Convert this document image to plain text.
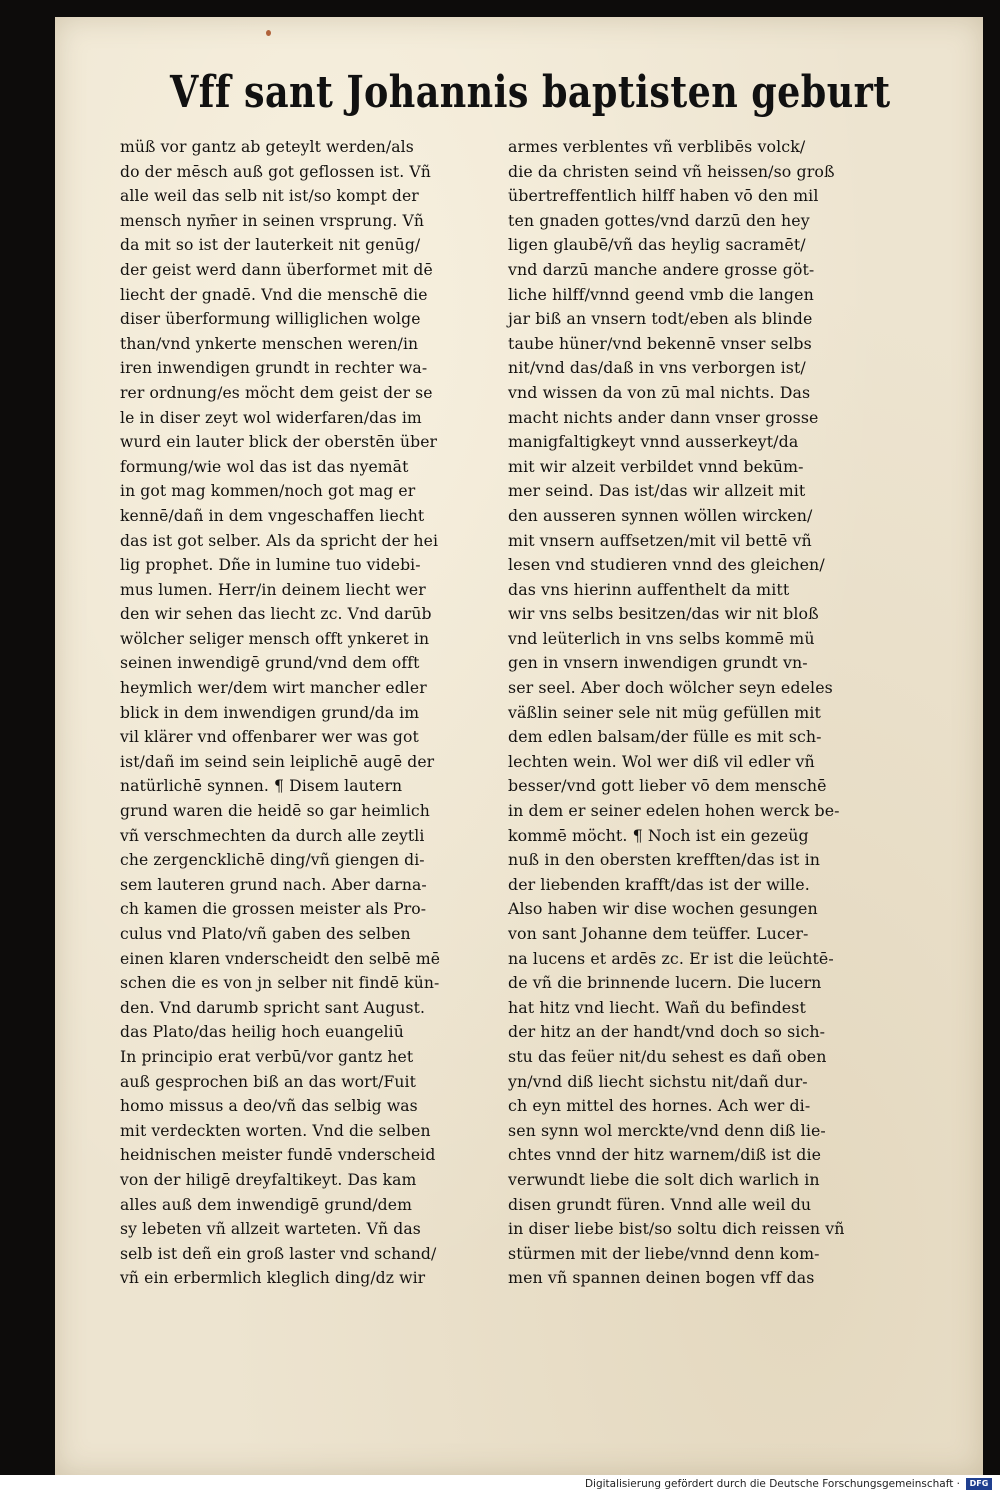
Vff sant Johannis baptisten geburt
müß vor gantz ab geteylt werden/als
do der mēsch auß got geflossen ist. Vñ
alle weil das selb nit ist/so kompt der
mensch nym̄er in seinen vrsprung. Vñ
da mit so ist der lauterkeit nit genūg/
der geist werd dann überformet mit dē
liecht der gnadē. Vnd die menschē die
diser überformung williglichen wolge
than/vnd ynkerte menschen weren/in
iren inwendigen grundt in rechter wa-
rer ordnung/es möcht dem geist der se
le in diser zeyt wol widerfaren/das im
wurd ein lauter blick der oberstēn über
formung/wie wol das ist das nyemāt
in got mag kommen/noch got mag er
kennē/dañ in dem vngeschaffen liecht
das ist got selber. Als da spricht der hei
lig prophet. Dñe in lumine tuo videbi-
mus lumen. Herr/in deinem liecht wer
den wir sehen das liecht zc. Vnd darūb
wölcher seliger mensch offt ynkeret in
seinen inwendigē grund/vnd dem offt
heymlich wer/dem wirt mancher edler
blick in dem inwendigen grund/da im
vil klärer vnd offenbarer wer was got
ist/dañ im seind sein leiplichē augē der
natürlichē synnen. ¶ Disem lautern
grund waren die heidē so gar heimlich
vñ verschmechten da durch alle zeytli
che zergencklichē ding/vñ giengen di-
sem lauteren grund nach. Aber darna-
ch kamen die grossen meister als Pro-
culus vnd Plato/vñ gaben des selben
einen klaren vnderscheidt den selbē mē
schen die es von jn selber nit findē kün-
den. Vnd darumb spricht sant August.
das Plato/das heilig hoch euangeliū
In principio erat verbū/vor gantz het
auß gesprochen biß an das wort/Fuit
homo missus a deo/vñ das selbig was
mit verdeckten worten. Vnd die selben
heidnischen meister fundē vnderscheid
von der hiligē dreyfaltikeyt. Das kam
alles auß dem inwendigē grund/dem
sy lebeten vñ allzeit warteten. Vñ das
selb ist deñ ein groß laster vnd schand/
vñ ein erbermlich kleglich ding/dz wir
armes verblentes vñ verblibēs volck/
die da christen seind vñ heissen/so groß
übertreffentlich hilff haben vō den mil
ten gnaden gottes/vnd darzū den hey
ligen glaubē/vñ das heylig sacramēt/
vnd darzū manche andere grosse göt-
liche hilff/vnnd geend vmb die langen
jar biß an vnsern todt/eben als blinde
taube hüner/vnd bekennē vnser selbs
nit/vnd das/daß in vns verborgen ist/
vnd wissen da von zū mal nichts. Das
macht nichts ander dann vnser grosse
manigfaltigkeyt vnnd ausserkeyt/da
mit wir alzeit verbildet vnnd bekūm-
mer seind. Das ist/das wir allzeit mit
den ausseren synnen wöllen wircken/
mit vnsern auffsetzen/mit vil bettē vñ
lesen vnd studieren vnnd des gleichen/
das vns hierinn auffenthelt da mitt
wir vns selbs besitzen/das wir nit bloß
vnd leüterlich in vns selbs kommē mü
gen in vnsern inwendigen grundt vn-
ser seel. Aber doch wölcher seyn edeles
väßlin seiner sele nit müg gefüllen mit
dem edlen balsam/der fülle es mit sch-
lechten wein. Wol wer diß vil edler vñ
besser/vnd gott lieber vō dem menschē
in dem er seiner edelen hohen werck be-
kommē möcht. ¶ Noch ist ein gezeüg
nuß in den obersten krefften/das ist in
der liebenden krafft/das ist der wille.
Also haben wir dise wochen gesungen
von sant Johanne dem teüffer. Lucer-
na lucens et ardēs zc. Er ist die leüchtē-
de vñ die brinnende lucern. Die lucern
hat hitz vnd liecht. Wañ du befindest
der hitz an der handt/vnd doch so sich-
stu das feüer nit/du sehest es dañ oben
yn/vnd diß liecht sichstu nit/dañ dur-
ch eyn mittel des hornes. Ach wer di-
sen synn wol merckte/vnd denn diß lie-
chtes vnnd der hitz warnem/diß ist die
verwundt liebe die solt dich warlich in
disen grundt füren. Vnnd alle weil du
in diser liebe bist/so soltu dich reissen vñ
stürmen mit der liebe/vnnd denn kom-
men vñ spannen deinen bogen vff das
Digitalisierung gefördert durch die Deutsche Forschungsgemeinschaft ·	DFG
